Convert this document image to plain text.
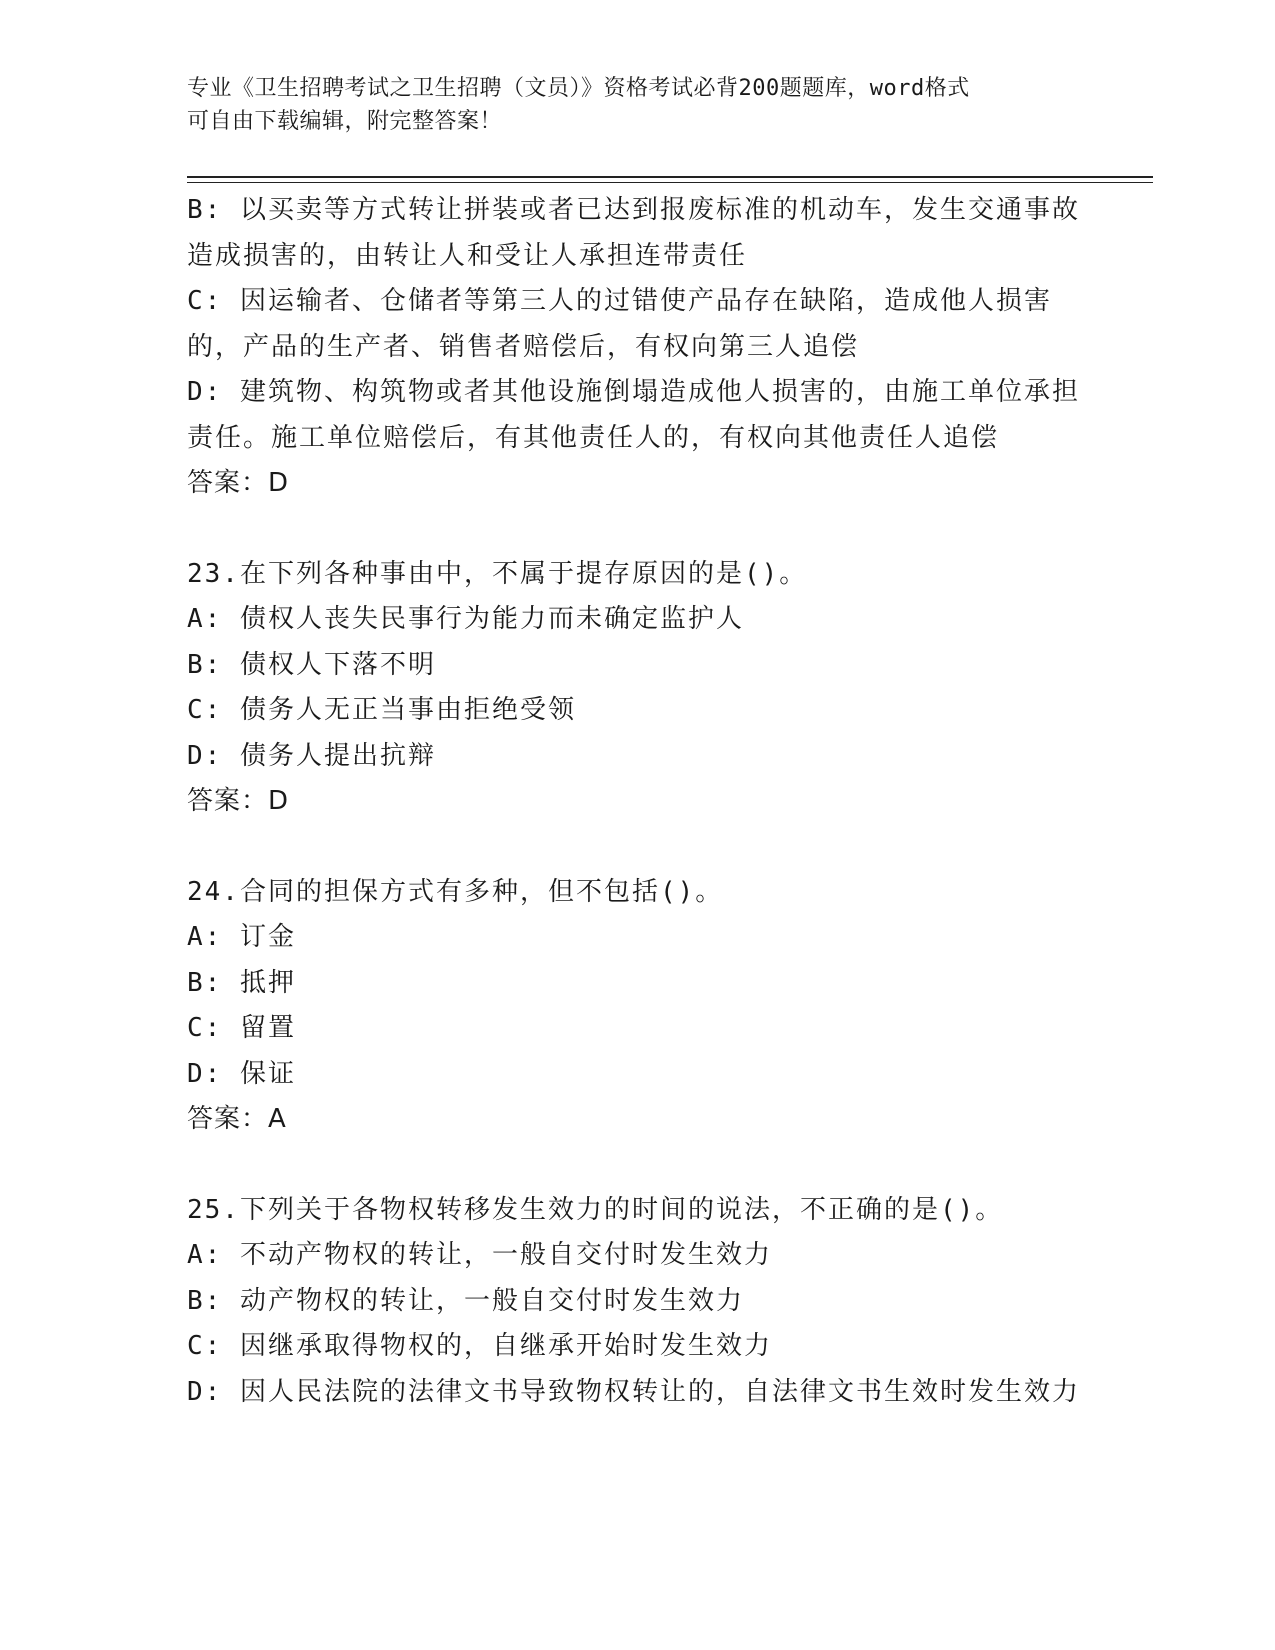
专业《卫生招聘考试之卫生招聘（文员）》资格考试必背200题题库，word格式
可自由下载编辑，附完整答案！
B: 以买卖等方式转让拼装或者已达到报废标准的机动车，发生交通事故造成损害的，由转让人和受让人承担连带责任
C: 因运输者、仓储者等第三人的过错使产品存在缺陷，造成他人损害的，产品的生产者、销售者赔偿后，有权向第三人追偿
D: 建筑物、构筑物或者其他设施倒塌造成他人损害的，由施工单位承担责任。施工单位赔偿后，有其他责任人的，有权向其他责任人追偿
答案：D
23.在下列各种事由中，不属于提存原因的是()。
A: 债权人丧失民事行为能力而未确定监护人
B: 债权人下落不明
C: 债务人无正当事由拒绝受领
D: 债务人提出抗辩
答案：D
24.合同的担保方式有多种，但不包括()。
A: 订金
B: 抵押
C: 留置
D: 保证
答案：A
25.下列关于各物权转移发生效力的时间的说法，不正确的是()。
A: 不动产物权的转让，一般自交付时发生效力
B: 动产物权的转让，一般自交付时发生效力
C: 因继承取得物权的，自继承开始时发生效力
D: 因人民法院的法律文书导致物权转让的，自法律文书生效时发生效力
